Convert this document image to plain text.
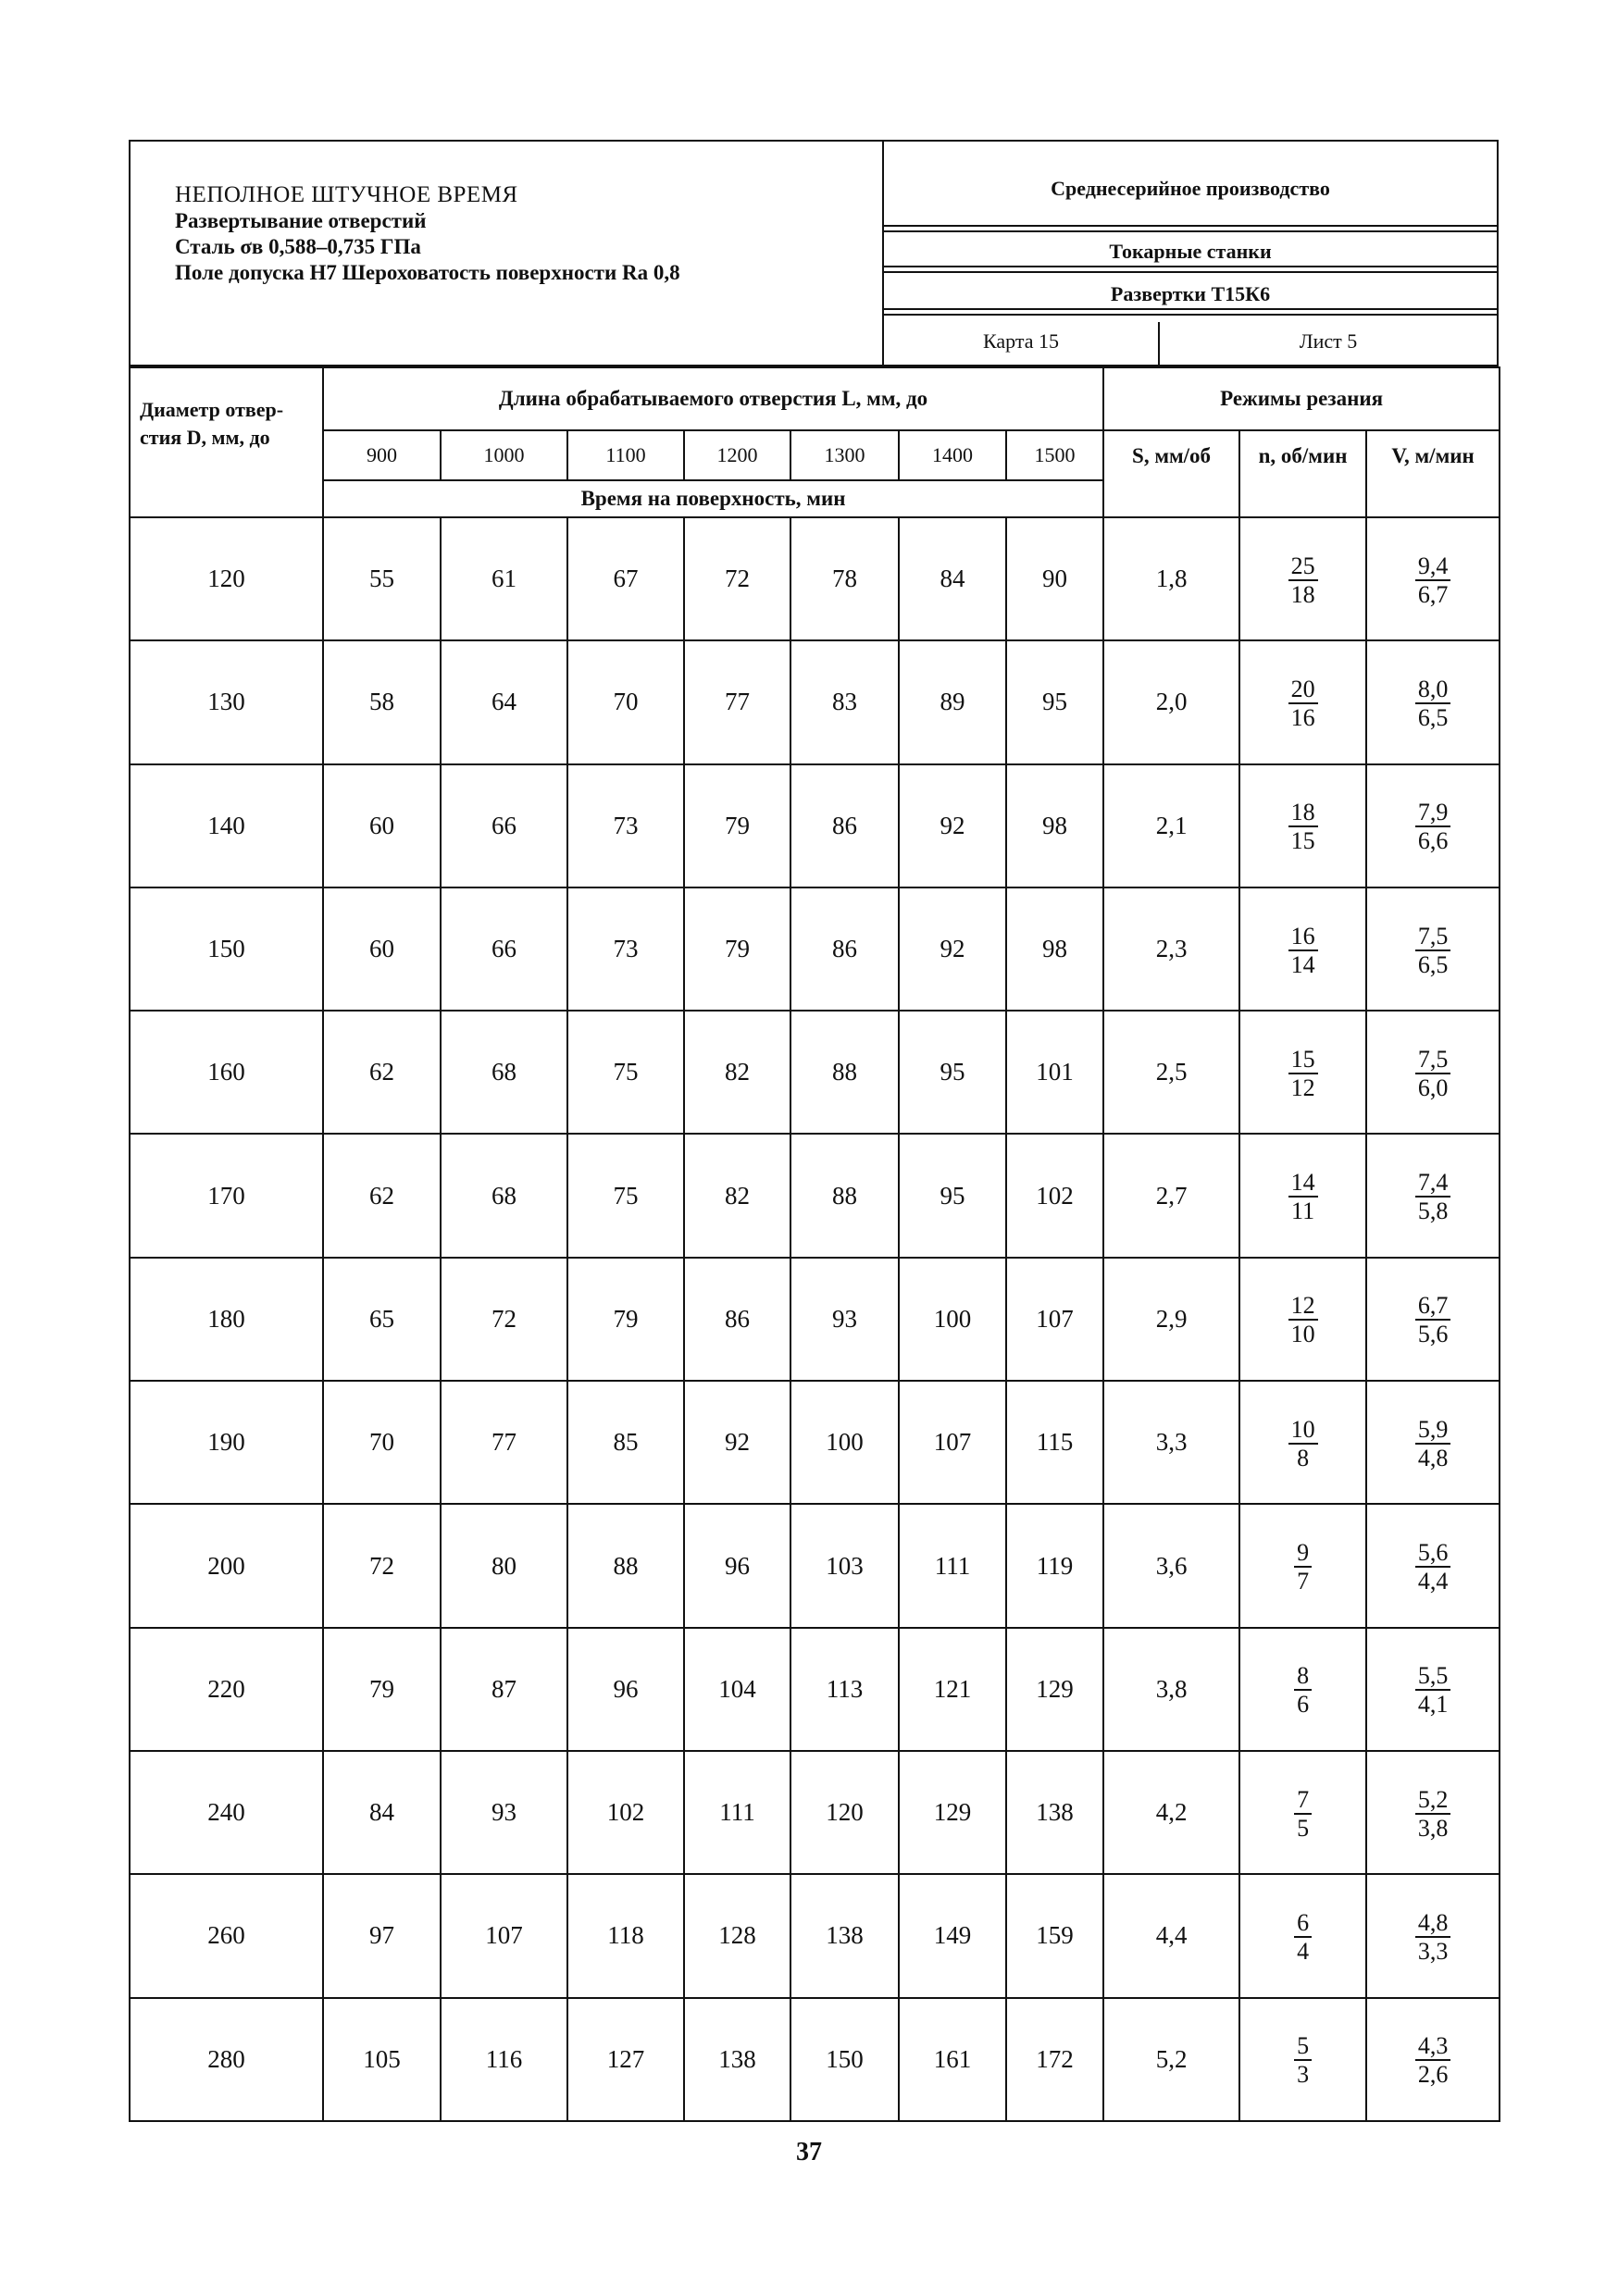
НЕПОЛНОЕ ШТУЧНОЕ ВРЕМЯ
Развертывание отверстий
Сталь σв 0,588–0,735 ГПа
Поле допуска Н7 Шероховатость поверхности Ra 0,8
Среднесерийное производство
Токарные станки
Развертки Т15К6
Карта 15	Лист 5
Диаметр отвер- стия D, мм, до	Длина обрабатываемого отверстия L, мм, до							Режимы резания		
	900	1000	1100	1200	1300	1400	1500	S, мм/об	n, об/мин	V, м/мин
	Время на поверхность, мин									
120	55	61	67	72	78	84	90	1,8	$\frac{25}{18}$	$\frac{9,4}{6,7}$

130	58	64	70	77	83	89	95	2,0	$\frac{20}{16}$	$\frac{8,0}{6,5}$

140	60	66	73	79	86	92	98	2,1	$\frac{18}{15}$	$\frac{7,9}{6,6}$

150	60	66	73	79	86	92	98	2,3	$\frac{16}{14}$	$\frac{7,5}{6,5}$

160	62	68	75	82	88	95	101	2,5	$\frac{15}{12}$	$\frac{7,5}{6,0}$

170	62	68	75	82	88	95	102	2,7	$\frac{14}{11}$	$\frac{7,4}{5,8}$

180	65	72	79	86	93	100	107	2,9	$\frac{12}{10}$	$\frac{6,7}{5,6}$

190	70	77	85	92	100	107	115	3,3	$\frac{10}{8}$	$\frac{5,9}{4,8}$

200	72	80	88	96	103	111	119	3,6	$\frac{9}{7}$	$\frac{5,6}{4,4}$

220	79	87	96	104	113	121	129	3,8	$\frac{8}{6}$	$\frac{5,5}{4,1}$

240	84	93	102	111	120	129	138	4,2	$\frac{7}{5}$	$\frac{5,2}{3,8}$

260	97	107	118	128	138	149	159	4,4	$\frac{6}{4}$	$\frac{4,8}{3,3}$

280	105	116	127	138	150	161	172	5,2	$\frac{5}{3}$	$\frac{4,3}{2,6}$
37
